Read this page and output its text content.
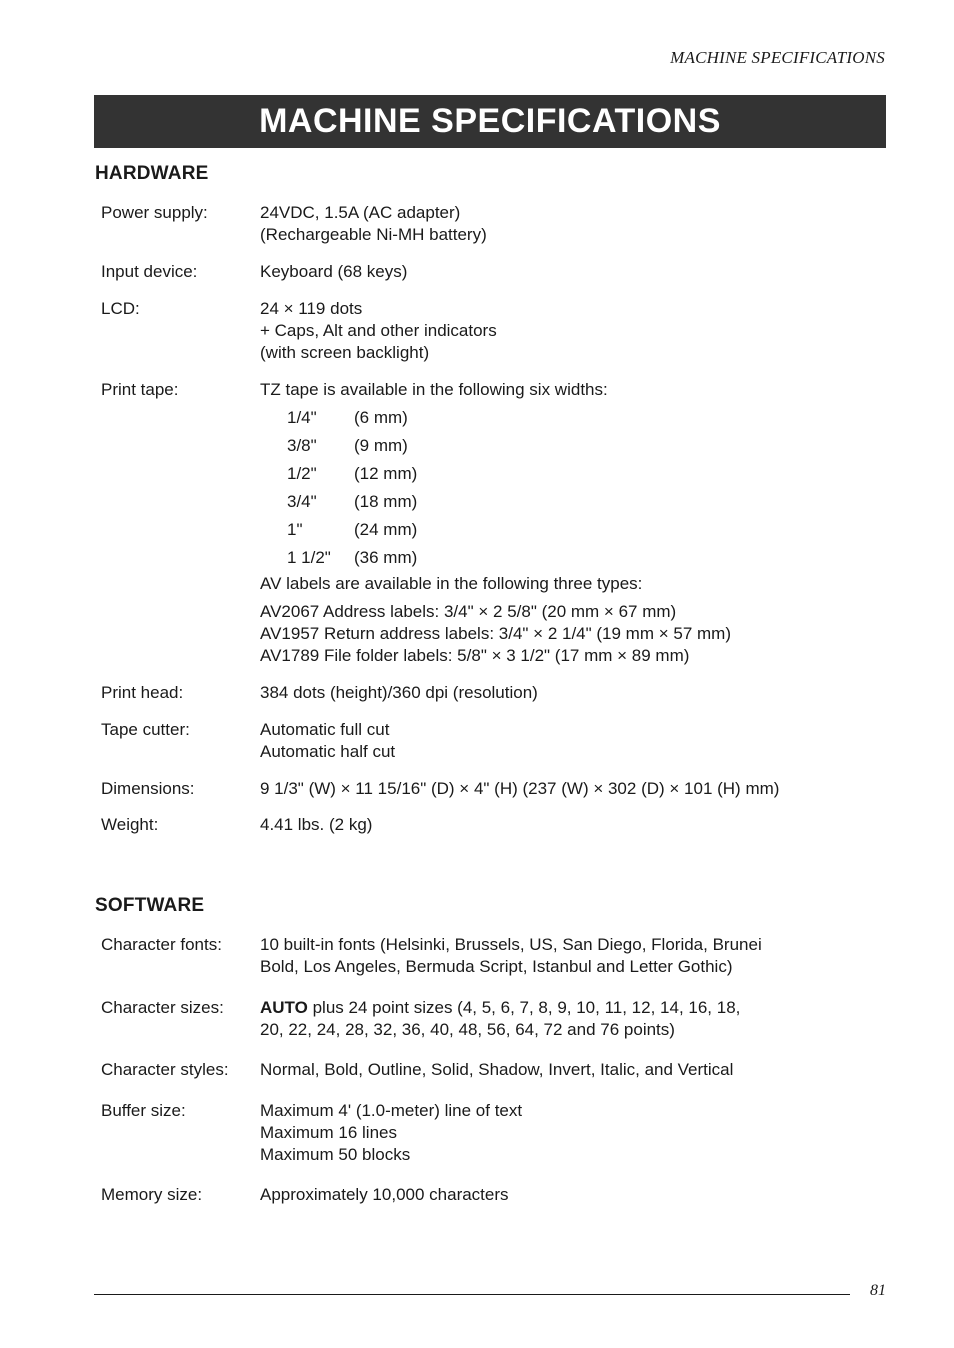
MACHINE SPECIFICATIONS
MACHINE SPECIFICATIONS
HARDWARE
Power supply:	24VDC, 1.5A (AC adapter)
(Rechargeable Ni-MH battery)
Input device:	Keyboard (68 keys)
LCD:	24 × 119 dots
+ Caps, Alt and other indicators
(with screen backlight)
Print tape:	TZ tape is available in the following six widths:
1/4"	(6 mm)
3/8"	(9 mm)
1/2"	(12 mm)
3/4"	(18 mm)
1"	(24 mm)
1 1/2"	(36 mm)
AV labels are available in the following three types:
AV2067 Address labels: 3/4" × 2 5/8" (20 mm × 67 mm)
AV1957 Return address labels: 3/4" × 2 1/4" (19 mm × 57 mm)
AV1789 File folder labels: 5/8" × 3 1/2" (17 mm × 89 mm)
Print head:	384 dots (height)/360 dpi (resolution)
Tape cutter:	Automatic full cut
Automatic half cut
Dimensions:	9 1/3" (W) × 11 15/16" (D) × 4" (H) (237 (W) × 302 (D) × 101 (H) mm)
Weight:	4.41 lbs. (2 kg)
SOFTWARE
Character fonts:	10 built-in fonts (Helsinki, Brussels, US, San Diego, Florida, Brunei
Bold, Los Angeles, Bermuda Script, Istanbul and Letter Gothic)
Character sizes:	AUTO plus 24 point sizes (4, 5, 6, 7, 8, 9, 10, 11, 12, 14, 16, 18,
20, 22, 24, 28, 32, 36, 40, 48, 56, 64, 72 and 76 points)
Character styles:	Normal, Bold, Outline, Solid, Shadow, Invert, Italic, and Vertical
Buffer size:	Maximum 4' (1.0-meter) line of text
Maximum 16 lines
Maximum 50 blocks
Memory size:	Approximately 10,000 characters
81
